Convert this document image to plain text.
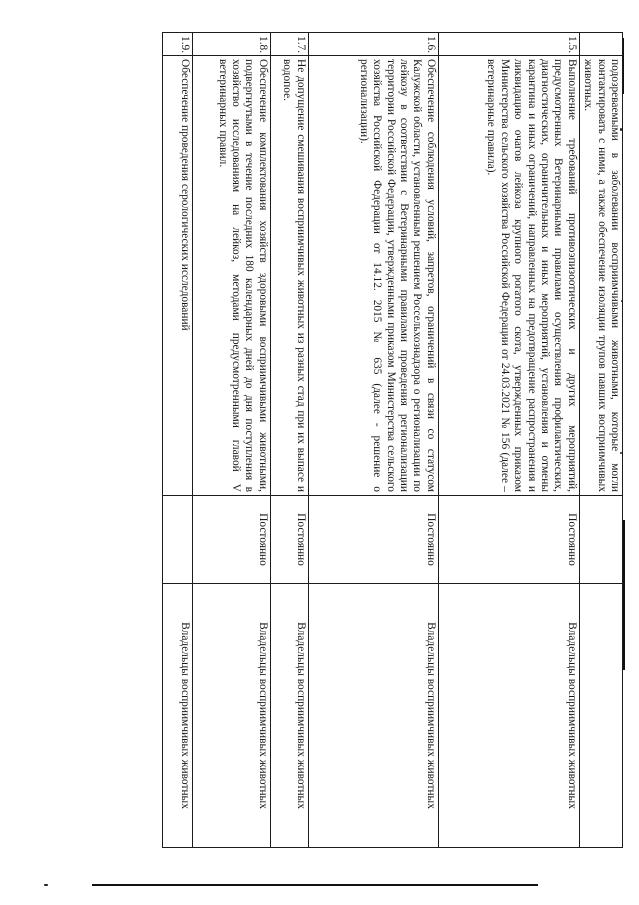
	подозреваемыми в заболевании восприимчивыми животными, которые могли контактировать с ними, а также обеспечение изоляции трупов павших восприимчивых животных.		
1.5.	Выполнение требований противоэпизоотических и других мероприятий, предусмотренных Ветеринарными правилами осуществления профилактических, диагностических, ограничительных и иных мероприятий, установления и отмены карантина и иных ограничений, направленных на предотвращение распространения и ликвидацию очагов лейкоза крупного рогатого скота, утвержденных приказом Министерства сельского хозяйства Российской Федерации от 24.03.2021 № 156 (далее – ветеринарные правила).	Постоянно	Владельцы восприимчивых животных
1.6.	Обеспечение соблюдения условий, запретов, ограничений в связи со статусом Калужской области, установленным решением Россельхознадзора о регионализации по лейкозу в соответствии с Ветеринарными правилами проведения регионализации территории Российской Федерации, утвержденными приказом Министерства сельского хозяйства Российской Федерации от 14.12. 2015 № 635 (далее - решение о регионализации).	Постоянно	Владельцы восприимчивых животных
1.7.	Не допущение смешивания восприимчивых животных из разных стад при их выпасе и водопое.	Постоянно	Владельцы восприимчивых животных
1.8.	Обеспечение комплектования хозяйств здоровыми восприимчивыми животными, подвергнутыми в течение последних 180 календарных дней до дня поступления в хозяйство исследованиям на лейкоз, методами предусмотренными главой V ветеринарных правил.	Постоянно	Владельцы восприимчивых животных
1.9.	Обеспечение проведения серологических исследований		Владельцы восприимчивых животных
